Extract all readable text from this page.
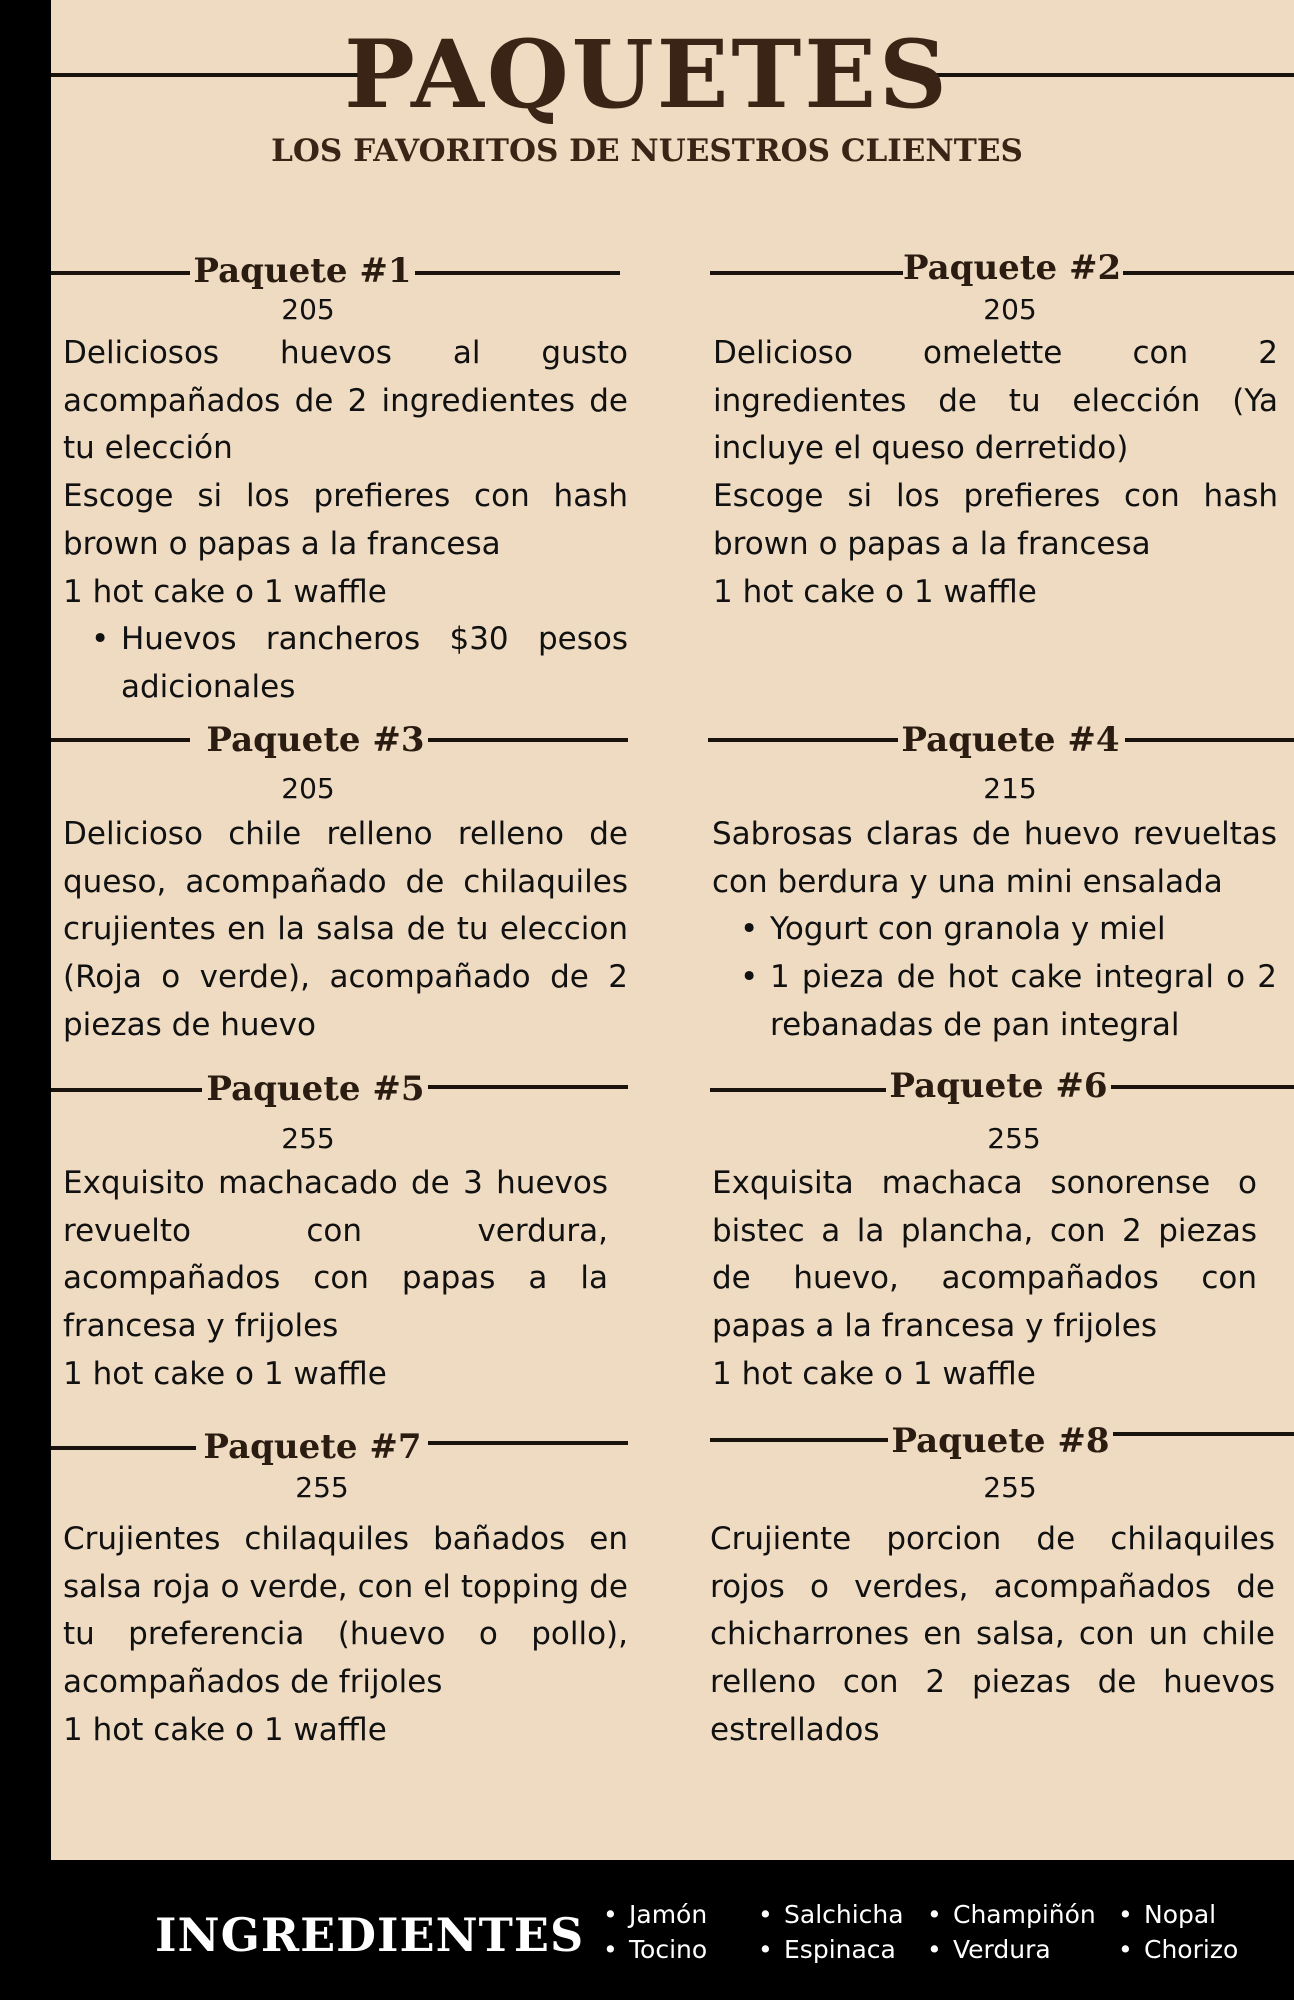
PAQUETES
LOS FAVORITOS DE NUESTROS CLIENTES
Paquete #1
205

Deliciosos huevos al gusto acompañados de 2 ingredientes de tu elección

Escoge si los prefieres con hash brown o papas a la francesa

1 hot cake o 1 waffle

• Huevos rancheros $30 pesos adicionales
Paquete #2
205

Delicioso omelette con 2 ingredientes de tu elección (Ya incluye el queso derretido)

Escoge si los prefieres con hash brown o papas a la francesa

1 hot cake o 1 waffle

Paquete #3
205

Delicioso chile relleno relleno de queso, acompañado de chilaquiles crujientes en la salsa de tu eleccion (Roja o verde), acompañado de 2 piezas de huevo

Paquete #4
215

Sabrosas claras de huevo revueltas con berdura y una mini ensalada

• Yogurt con granola y miel
• 1 pieza de hot cake integral o 2 rebanadas de pan integral
Paquete #5
255

Exquisito machacado de 3 huevos revuelto con verdura, acompañados con papas a la francesa y frijoles

1 hot cake o 1 waffle

Paquete #6
255

Exquisita machaca sonorense o bistec a la plancha, con 2 piezas de huevo, acompañados con papas a la francesa y frijoles

1 hot cake o 1 waffle

Paquete #7
255

Crujientes chilaquiles bañados en salsa roja o verde, con el topping de tu preferencia (huevo o pollo), acompañados de frijoles

1 hot cake o 1 waffle

Paquete #8
255

Crujiente porcion de chilaquiles rojos o verdes, acompañados de chicharrones en salsa, con un chile relleno con 2 piezas de huevos estrellados

INGREDIENTES
•	Jamón
• Tocino
• Salchicha
• Espinaca
• Champiñón
• Verdura
• Nopal
• Chorizo
